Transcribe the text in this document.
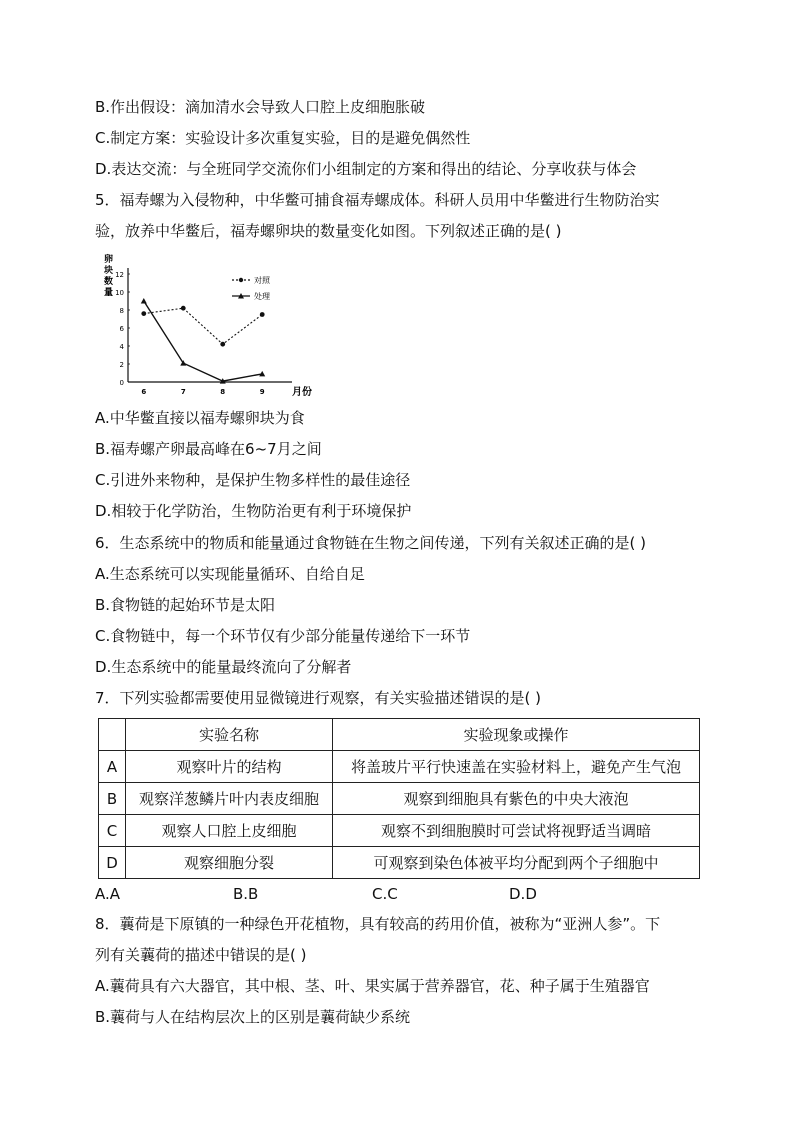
B.作出假设：滴加清水会导致人口腔上皮细胞胀破
C.制定方案：实验设计多次重复实验，目的是避免偶然性
D.表达交流：与全班同学交流你们小组制定的方案和得出的结论、分享收获与体会
5．福寿螺为入侵物种，中华鳖可捕食福寿螺成体。科研人员用中华鳖进行生物防治实
验，放养中华鳖后，福寿螺卵块的数量变化如图。下列叙述正确的是( )
卵
块
数
量
月份
0
2
4
6
8
10
12
6	7	8	9
对照
处理
A.中华鳖直接以福寿螺卵块为食
B.福寿螺产卵最高峰在6~7月之间
C.引进外来物种，是保护生物多样性的最佳途径
D.相较于化学防治，生物防治更有利于环境保护
6．生态系统中的物质和能量通过食物链在生物之间传递，下列有关叙述正确的是( )
A.生态系统可以实现能量循环、自给自足
B.食物链的起始环节是太阳
C.食物链中，每一个环节仅有少部分能量传递给下一环节
D.生态系统中的能量最终流向了分解者
7．下列实验都需要使用显微镜进行观察，有关实验描述错误的是( )
	实验名称	实验现象或操作
A	观察叶片的结构	将盖玻片平行快速盖在实验材料上，避免产生气泡
B	观察洋葱鳞片叶内表皮细胞	观察到细胞具有紫色的中央大液泡
C	观察人口腔上皮细胞	观察不到细胞膜时可尝试将视野适当调暗
D	观察细胞分裂	可观察到染色体被平均分配到两个子细胞中
A.A	B.B	C.C	D.D
8．蘘荷是下原镇的一种绿色开花植物，具有较高的药用价值，被称为“亚洲人参”。下
列有关蘘荷的描述中错误的是( )
A.蘘荷具有六大器官，其中根、茎、叶、果实属于营养器官，花、种子属于生殖器官
B.蘘荷与人在结构层次上的区别是蘘荷缺少系统
